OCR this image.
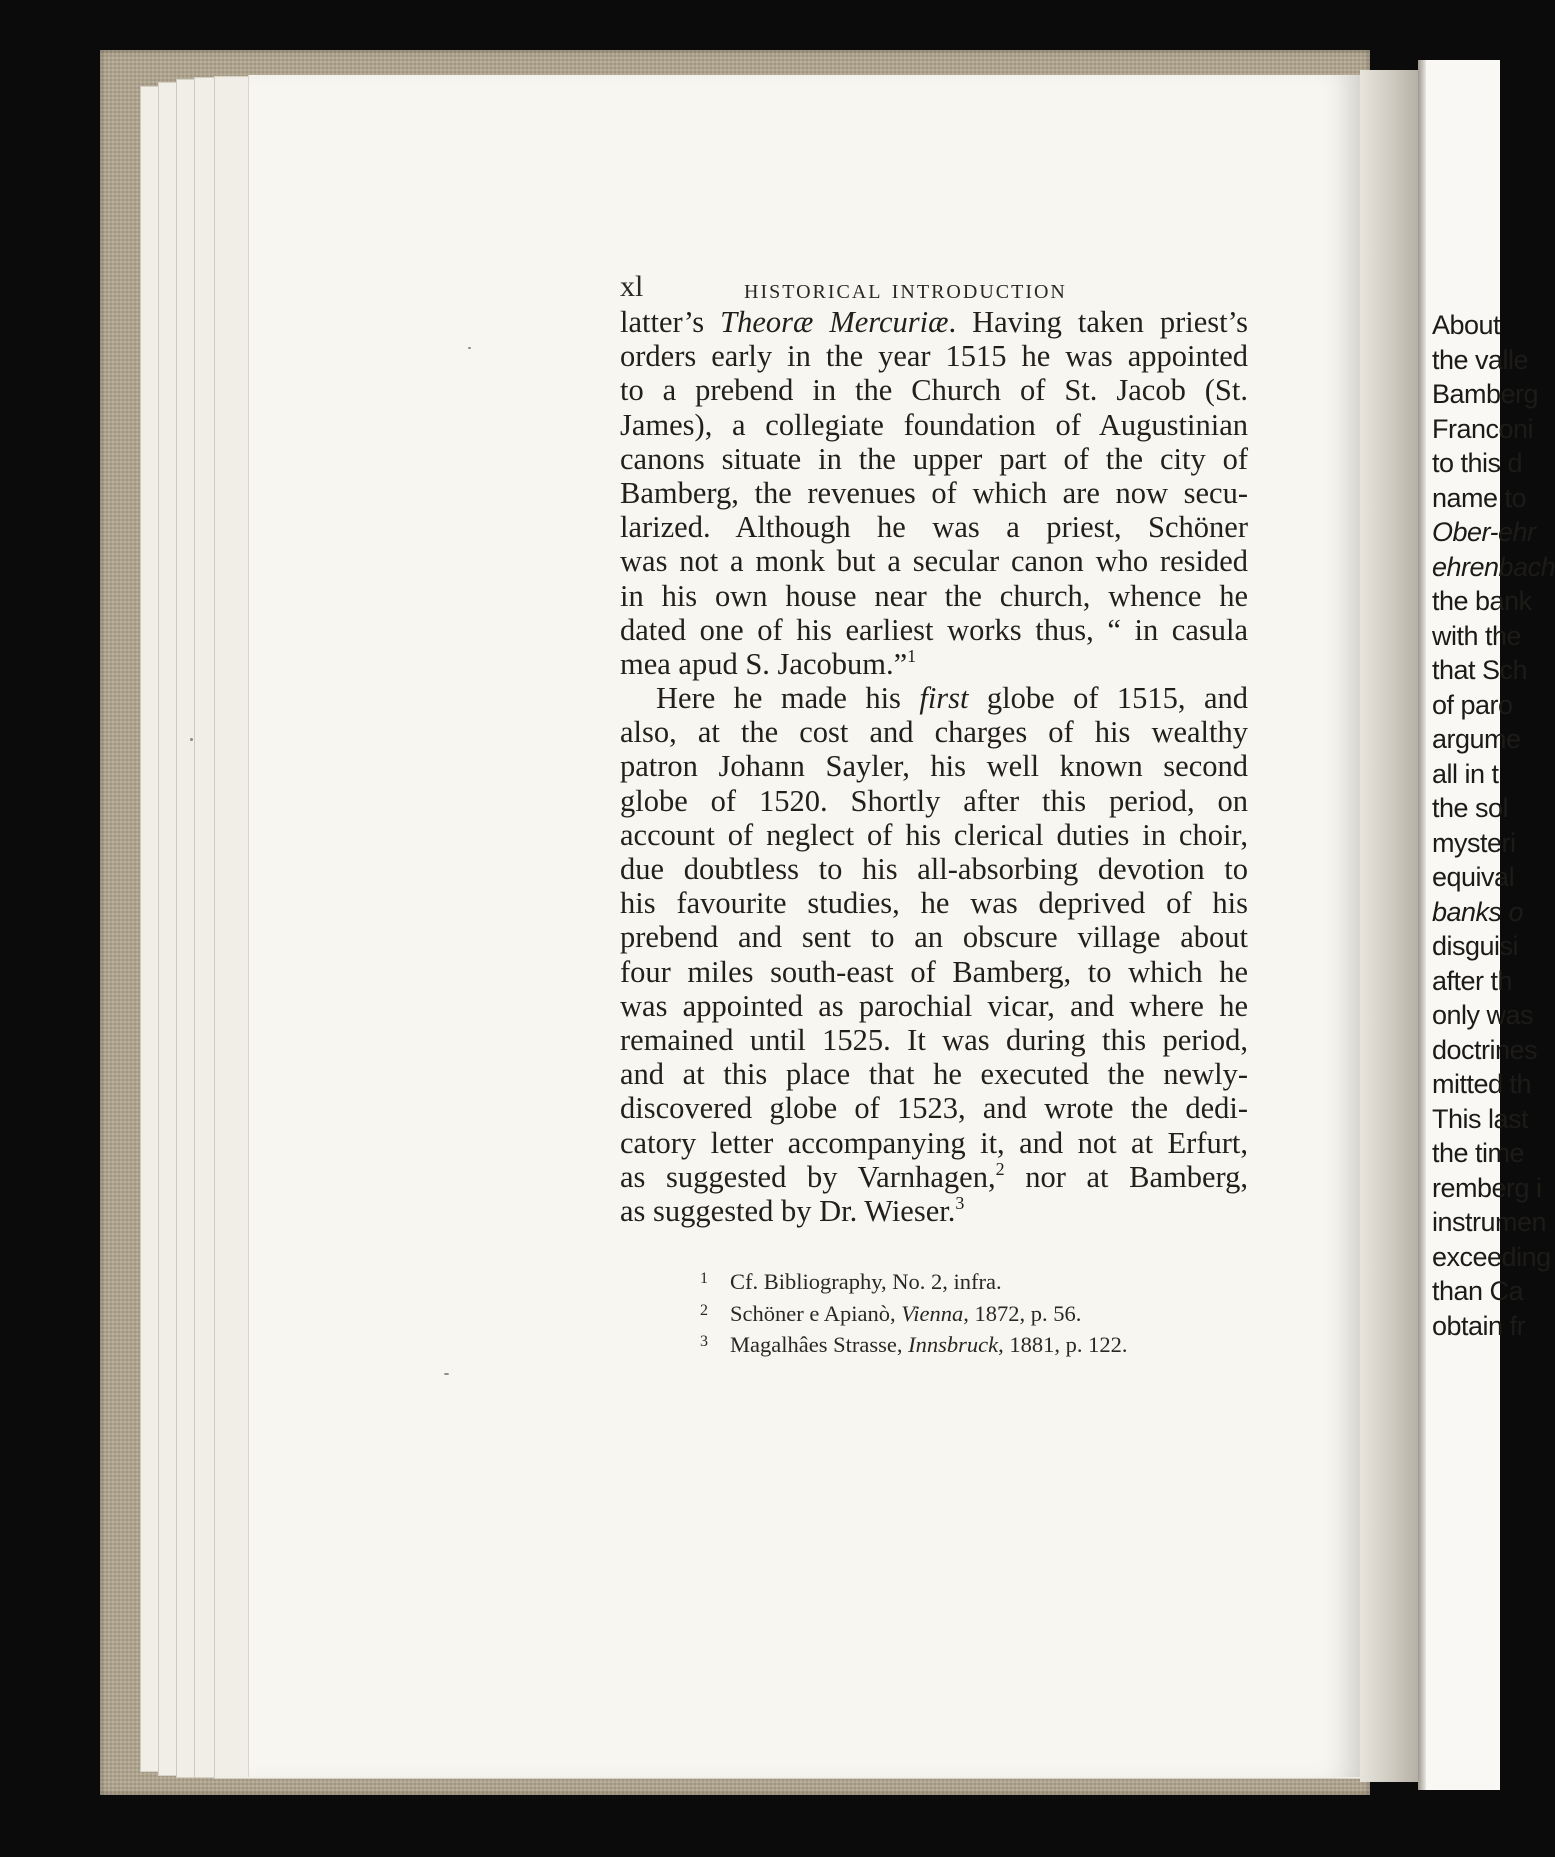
About
the valle
Bamberg
Franconi
to this d
name to
Ober-ehr
ehrenbach
the bank
with the
that Sch
of paro
argume
all in t
the sol
mysteri
equival
banks o
disguisi
after th
only was
doctrines
mitted th
This last
the time
remberg i
instrumen
exceeding
than Ca
obtain fr
xl	historical introduction
latter’s Theoræ Mercuriæ. Having taken priest’s
orders early in the year 1515 he was appointed
to a prebend in the Church of St. Jacob (St.
James), a collegiate foundation of Augustinian
canons situate in the upper part of the city of
Bamberg, the revenues of which are now secu-
larized. Although he was a priest, Schöner
was not a monk but a secular canon who resided
in his own house near the church, whence he
dated one of his earliest works thus, “ in casula
mea apud S. Jacobum.”$^1$
Here he made his first globe of 1515, and
also, at the cost and charges of his wealthy
patron Johann Sayler, his well known second
globe of 1520. Shortly after this period, on
account of neglect of his clerical duties in choir,
due doubtless to his all-absorbing devotion to
his favourite studies, he was deprived of his
prebend and sent to an obscure village about
four miles south-east of Bamberg, to which he
was appointed as parochial vicar, and where he
remained until 1525. It was during this period,
and at this place that he executed the newly-
discovered globe of 1523, and wrote the dedi-
catory letter accompanying it, and not at Erfurt,
as suggested by Varnhagen,$^2$ nor at Bamberg,
as suggested by Dr. Wieser.$^3$
1 Cf. Bibliography, No. 2, infra.
2 Schöner e Apianò, Vienna, 1872, p. 56.
3 Magalhâes Strasse, Innsbruck, 1881, p. 122.
